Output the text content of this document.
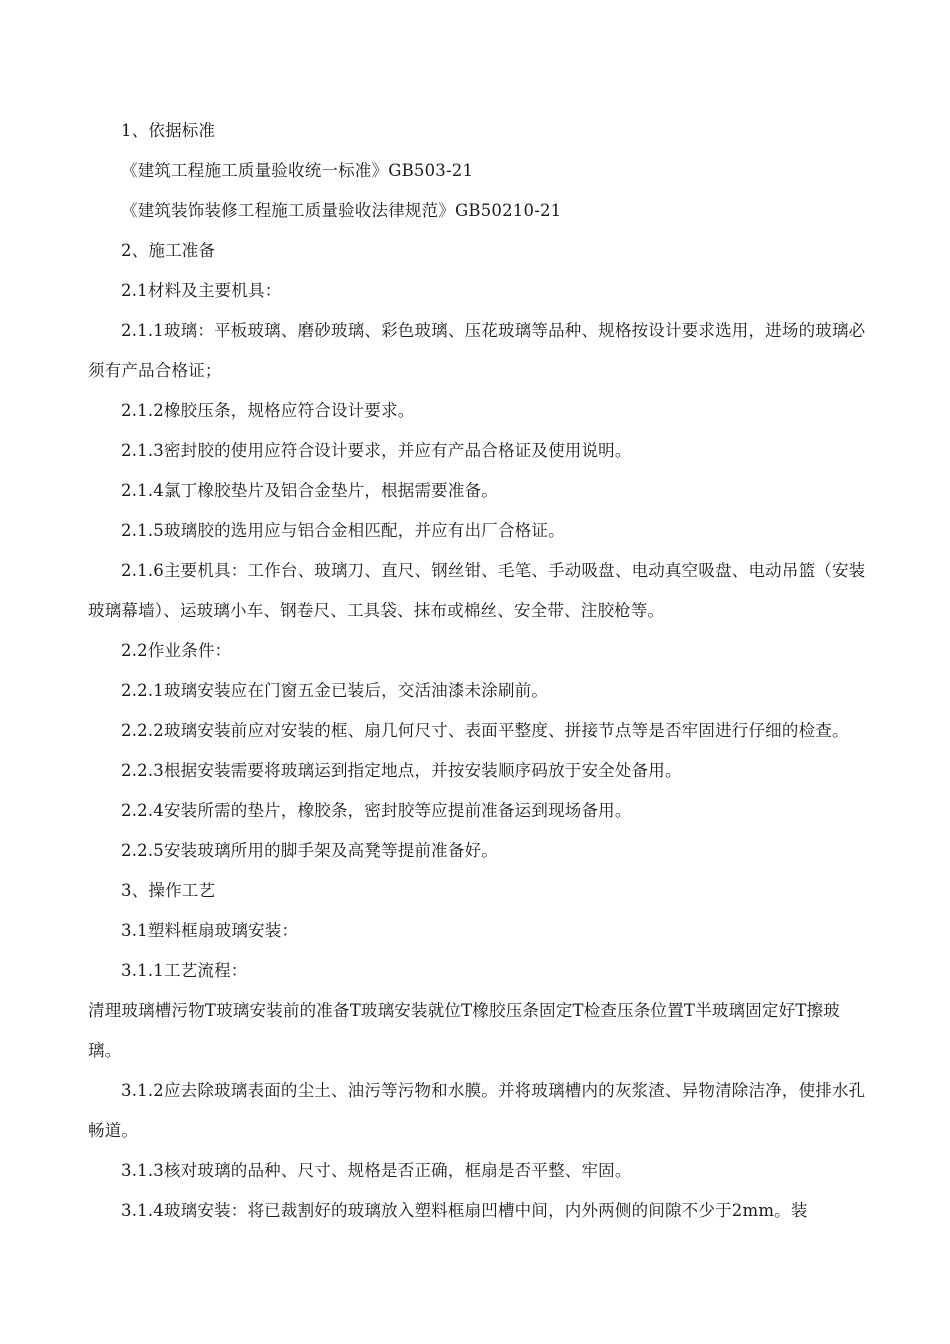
1、依据标准

《建筑工程施工质量验收统一标准》GB503-21

《建筑装饰装修工程施工质量验收法律规范》GB50210-21

2、施工准备

2.1材料及主要机具：

2.1.1玻璃：平板玻璃、磨砂玻璃、彩色玻璃、压花玻璃等品种、规格按设计要求选用，进场的玻璃必须有产品合格证；

2.1.2橡胶压条，规格应符合设计要求。

2.1.3密封胶的使用应符合设计要求，并应有产品合格证及使用说明。

2.1.4氯丁橡胶垫片及铝合金垫片，根据需要准备。

2.1.5玻璃胶的选用应与铝合金相匹配，并应有出厂合格证。

2.1.6主要机具：工作台、玻璃刀、直尺、钢丝钳、毛笔、手动吸盘、电动真空吸盘、电动吊篮（安装玻璃幕墙）、运玻璃小车、钢卷尺、工具袋、抹布或棉丝、安全带、注胶枪等。

2.2作业条件：

2.2.1玻璃安装应在门窗五金已装后，交活油漆未涂刷前。

2.2.2玻璃安装前应对安装的框、扇几何尺寸、表面平整度、拼接节点等是否牢固进行仔细的检查。

2.2.3根据安装需要将玻璃运到指定地点，并按安装顺序码放于安全处备用。

2.2.4安装所需的垫片，橡胶条，密封胶等应提前准备运到现场备用。

2.2.5安装玻璃所用的脚手架及高凳等提前准备好。

3、操作工艺

3.1塑料框扇玻璃安装：

3.1.1工艺流程：

清理玻璃槽污物T玻璃安装前的准备T玻璃安装就位T橡胶压条固定T检查压条位置T半玻璃固定好T擦玻璃。

3.1.2应去除玻璃表面的尘土、油污等污物和水膜。并将玻璃槽内的灰浆渣、异物清除洁净，使排水孔畅道。

3.1.3核对玻璃的品种、尺寸、规格是否正确，框扇是否平整、牢固。

3.1.4玻璃安装：将已裁割好的玻璃放入塑料框扇凹槽中间，内外两侧的间隙不少于2mm。装
